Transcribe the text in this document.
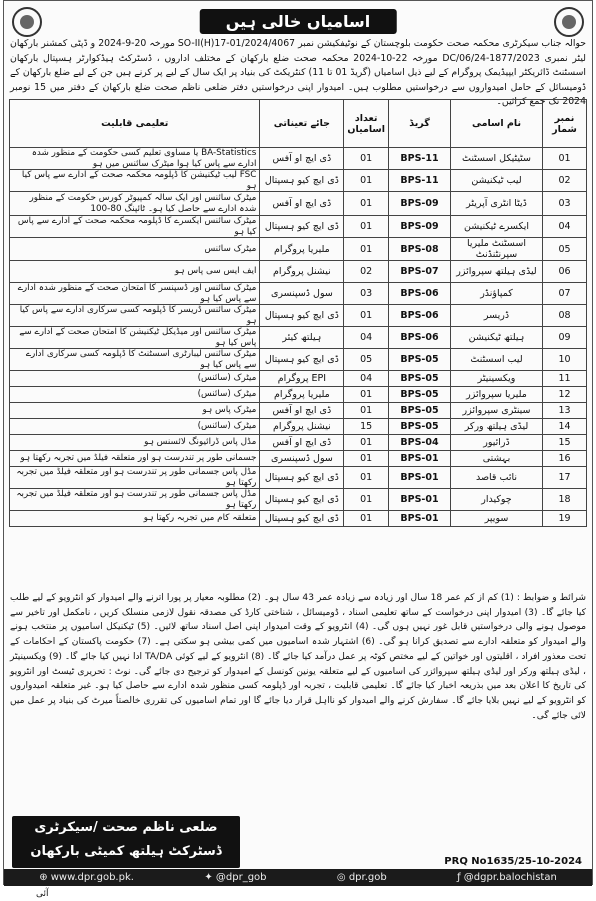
اسامیاں خالی ہیں
حوالہ جناب سیکرٹری محکمہ صحت حکومت بلوچستان کے نوٹیفکیشن نمبر SO-II(H)17-01/2024/4067 مورخہ 20-9-2024 و ڈپٹی کمشنر بارکھان لیٹر نمبری 1877/2023-24/DC/06 مورخہ 22-10-2024 محکمہ صحت ضلع بارکھان کے مختلف اداروں ، ڈسٹرکٹ ہیڈکوارٹر ہسپتال بارکھان اسسٹنٹ ڈائریکٹر ایپیڈیمک پروگرام کے لیے ذیل اسامیاں (گریڈ 01 تا 11) کنٹریکٹ کی بنیاد پر ایک سال کے لیے پر کرنے ہیں جن کے لیے ضلع بارکھان کے ڈومیسائل کے حامل امیدواروں سے درخواستیں مطلوب ہیں۔ امیدوار اپنی درخواستیں دفتر ضلعی ناظم صحت ضلع بارکھان کے دفتر میں 15 نومبر 2024 تک جمع کرائیں۔
نمبر شمار	نام اسامی	گریڈ	تعداد اسامیاں	جائے تعیناتی	تعلیمی قابلیت
01	سٹیٹیکل اسسٹنٹ	BPS-11	01	ڈی ایچ او آفس	BA-Statistics یا مساوی تعلیم کسی حکومت کے منظور شدہ ادارے سے پاس کیا ہوا میٹرک سائنس میں ہو
02	لیب ٹیکنیشن	BPS-11	01	ڈی ایچ کیو ہسپتال	FSC لیب ٹیکنیشن کا ڈپلومہ محکمہ صحت کے ادارے سے پاس کیا ہو
03	ڈیٹا انٹری آپریٹر	BPS-09	01	ڈی ایچ او آفس	میٹرک سائنس اور ایک سالہ کمپیوٹر کورس حکومت کے منظور شدہ ادارے سے حاصل کیا ہو۔ ٹائپنگ 80-100
04	ایکسرے ٹیکنیشن	BPS-09	01	ڈی ایچ کیو ہسپتال	میٹرک سائنس ایکسرے کا ڈپلومہ محکمہ صحت کے ادارے سے پاس کیا ہو
05	اسسٹنٹ ملیریا سپرنٹنڈنٹ	BPS-08	01	ملیریا پروگرام	میٹرک سائنس
06	لیڈی ہیلتھ سپروائزر	BPS-07	02	نیشنل پروگرام	ایف ایس سی پاس ہو
07	کمپاؤنڈر	BPS-06	03	سول ڈسپنسری	میٹرک سائنس اور ڈسپنسر کا امتحان صحت کے منظور شدہ ادارے سے پاس کیا ہو
08	ڈریسر	BPS-06	01	ڈی ایچ کیو ہسپتال	میٹرک سائنس ڈریسر کا ڈپلومہ کسی سرکاری ادارے سے پاس کیا ہو
09	ہیلتھ ٹیکنیشن	BPS-06	04	ہیلتھ کیئر	میٹرک سائنس اور میڈیکل ٹیکنیشن کا امتحان صحت کے ادارے سے پاس کیا ہو
10	لیب اسسٹنٹ	BPS-05	05	ڈی ایچ کیو ہسپتال	میٹرک سائنس لیبارٹری اسسٹنٹ کا ڈپلومہ کسی سرکاری ادارے سے پاس کیا ہو
11	ویکسینیٹر	BPS-05	04	EPI پروگرام	میٹرک (سائنس)
12	ملیریا سپروائزر	BPS-05	01	ملیریا پروگرام	میٹرک (سائنس)
13	سینٹری سپروائزر	BPS-05	01	ڈی ایچ او آفس	میٹرک پاس ہو
14	لیڈی ہیلتھ ورکر	BPS-05	15	نیشنل پروگرام	میٹرک (سائنس)
15	ڈرائیور	BPS-04	01	ڈی ایچ او آفس	مڈل پاس ڈرائیونگ لائسنس ہو
16	بہشتی	BPS-01	01	سول ڈسپنسری	جسمانی طور پر تندرست ہو اور متعلقہ فیلڈ میں تجربہ رکھتا ہو
17	نائب قاصد	BPS-01	01	ڈی ایچ کیو ہسپتال	مڈل پاس جسمانی طور پر تندرست ہو اور متعلقہ فیلڈ میں تجربہ رکھتا ہو
18	چوکیدار	BPS-01	01	ڈی ایچ کیو ہسپتال	مڈل پاس جسمانی طور پر تندرست ہو اور متعلقہ فیلڈ میں تجربہ رکھتا ہو
19	سویپر	BPS-01	01	ڈی ایچ کیو ہسپتال	متعلقہ کام میں تجربہ رکھتا ہو
شرائط و ضوابط : (1) کم از کم عمر 18 سال اور زیادہ سے زیادہ عمر 43 سال ہو۔ (2) مطلوبہ معیار پر پورا اترنے والے امیدوار کو انٹرویو کے لیے طلب کیا جائے گا۔ (3) امیدوار اپنی درخواست کے ساتھ تعلیمی اسناد ، ڈومیسائل ، شناختی کارڈ کی مصدقہ نقول لازمی منسلک کریں ، نامکمل اور تاخیر سے موصول ہونے والی درخواستیں قابل غور نہیں ہوں گی۔ (4) انٹرویو کے وقت امیدوار اپنی اصل اسناد ساتھ لائیں۔ (5) ٹیکنیکل اسامیوں پر منتخب ہونے والے امیدوار کو متعلقہ ادارے سے تصدیق کرانا ہو گی۔ (6) اشتہار شدہ اسامیوں میں کمی بیشی ہو سکتی ہے۔ (7) حکومت پاکستان کے احکامات کے تحت معذور افراد ، اقلیتوں اور خواتین کے لیے مختص کوٹہ پر عمل درآمد کیا جائے گا۔ (8) انٹرویو کے لیے کوئی TA/DA ادا نہیں کیا جائے گا۔ (9) ویکسینیٹر ، لیڈی ہیلتھ ورکر اور لیڈی ہیلتھ سپروائزر کی اسامیوں کے لیے متعلقہ یونین کونسل کے امیدوار کو ترجیح دی جائے گی۔ نوٹ : تحریری ٹیسٹ اور انٹرویو کی تاریخ کا اعلان بعد میں بذریعہ اخبار کیا جائے گا۔ تعلیمی قابلیت ، تجربہ اور ڈپلومہ کسی منظور شدہ ادارے سے حاصل کیا ہو۔ غیر متعلقہ امیدواروں کو انٹرویو کے لیے نہیں بلایا جائے گا۔ سفارش کرنے والے امیدوار کو نااہل قرار دیا جائے گا اور تمام اسامیوں کی تقرری خالصتاً میرٹ کی بنیاد پر عمل میں لائی جائے گی۔
ضلعی ناظم صحت /سیکرٹری
ڈسٹرکٹ ہیلتھ کمیٹی بارکھان
PRQ No1635/25-10-2024
⊕ www.dpr.gob.pk.	✦ @dpr_gob	◎ dpr.gob	ƒ @dgpr.balochistan
آئی
